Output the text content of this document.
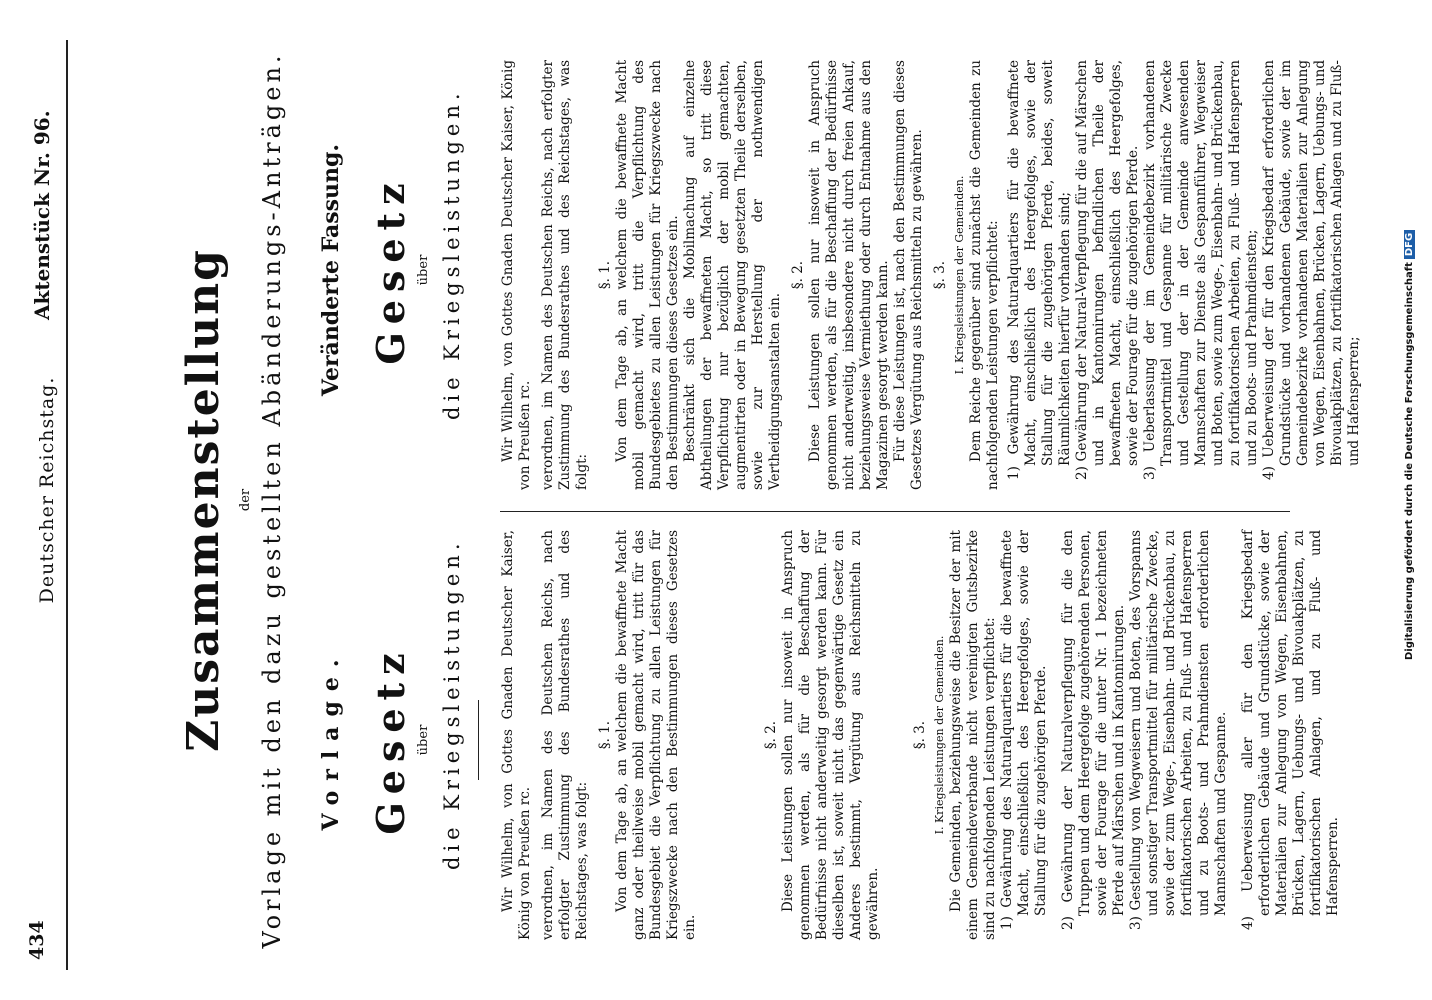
434
Deutscher Reichstag.
Aktenstück Nr. 96.
Zusammenstellung der Vorlage mit den dazu gestellten Abänderungs-Anträgen. Vorlage. Gesetz über die Kriegsleistungen.
Veränderte Fassung. Gesetz über die Kriegsleistungen.

Wir Wilhelm, von Gottes Gnaden Deutscher Kaiser, König von Preußen rc. verordnen, im Namen des Deutschen Reichs, nach erfolgter Zustimmung des Bundesrathes und des Reichstages, was folgt:

§. 1. Von dem Tage ab, an welchem die bewaffnete Macht ganz oder theilweise mobil gemacht wird, tritt für das Bundesgebiet die Verpflichtung zu allen Leistungen für Kriegszwecke nach den Bestimmungen dieses Gesetzes ein.

§. 2. Diese Leistungen sollen nur insoweit in Anspruch genommen werden, als für die Beschaffung der Bedürfnisse nicht anderweitig gesorgt werden kann. Für dieselben ist, soweit nicht das gegenwärtige Gesetz ein Anderes bestimmt, Vergütung aus Reichsmitteln zu gewähren.

§. 3. I. Kriegsleistungen der Gemeinden. Die Gemeinden, beziehungsweise die Besitzer der mit einem Gemeindeverbande nicht vereinigten Gutsbezirke sind zu nachfolgenden Leistungen verpflichtet: 1) Gewährung des Naturalquartiers für die bewaffnete Macht, einschließlich des Heergefolges, sowie der Stallung für die zugehörigen Pferde. 2) Gewährung der Naturalverpflegung für die den Truppen und dem Heergefolge zugehörenden Personen, sowie der Fourage für die unter Nr. 1 bezeichneten Pferde auf Märschen und in Kantonnirungen. 3) Gestellung von Wegweisern und Boten, des Vorspanns und sonstiger Transportmittel für militärische Zwecke, sowie der zum Wege-, Eisenbahn- und Brückenbau, zu fortifikatorischen Arbeiten, zu Fluß- und Hafensperren und zu Boots- und Prahmdiensten erforderlichen Mannschaften und Gespanne. 4) Ueberweisung aller für den Kriegsbedarf erforderlichen Gebäude und Grundstücke, sowie der Materialien zur Anlegung von Wegen, Eisenbahnen, Brücken, Lagern, Uebungs- und Bivouakplätzen, zu fortifikatorischen Anlagen, und zu Fluß- und Hafensperren.

Wir Wilhelm, von Gottes Gnaden Deutscher Kaiser, König von Preußen rc. verordnen, im Namen des Deutschen Reichs, nach erfolgter Zustimmung des Bundesrathes und des Reichstages, was folgt:

§. 1. Von dem Tage ab, an welchem die bewaffnete Macht mobil gemacht wird, tritt die Verpflichtung des Bundesgebietes zu allen Leistungen für Kriegszwecke nach den Bestimmungen dieses Gesetzes ein. Beschränkt sich die Mobilmachung auf einzelne Abtheilungen der bewaffneten Macht, so tritt diese Verpflichtung nur bezüglich der mobil gemachten, augmentirten oder in Bewegung gesetzten Theile derselben, sowie zur Herstellung der nothwendigen Vertheidigungsanstalten ein.

§. 2. Diese Leistungen sollen nur insoweit in Anspruch genommen werden, als für die Beschaffung der Bedürfnisse nicht anderweitig, insbesondere nicht durch freien Ankauf, beziehungsweise Vermiethung oder durch Entnahme aus den Magazinen gesorgt werden kann. Für diese Leistungen ist, nach den Bestimmungen dieses Gesetzes Vergütung aus Reichsmitteln zu gewähren. §. 3. I. Kriegsleistungen der Gemeinden. Dem Reiche gegenüber sind zunächst die Gemeinden zu nachfolgenden Leistungen verpflichtet: 1) Gewährung des Naturalquartiers für die bewaffnete Macht, einschließlich des Heergefolges, sowie der Stallung für die zugehörigen Pferde, beides, soweit Räumlichkeiten hierfür vorhanden sind; 2) Gewährung der Natural-Verpflegung für die auf Märschen und in Kantonnirungen befindlichen Theile der bewaffneten Macht, einschließlich des Heergefolges, sowie der Fourage für die zugehörigen Pferde. 3) Ueberlassung der im Gemeindebezirk vorhandenen Transportmittel und Gespanne für militärische Zwecke und Gestellung der in der Gemeinde anwesenden Mannschaften zur Dienste als Gespannführer, Wegweiser und Boten, sowie zum Wege-, Eisenbahn- und Brückenbau, zu fortifikatorischen Arbeiten, zu Fluß- und Hafensperren und zu Boots- und Prahmdiensten; 4) Ueberweisung der für den Kriegsbedarf erforderlichen Grundstücke und vorhandenen Gebäude, sowie der im Gemeindebezirke vorhandenen Materialien zur Anlegung von Wegen, Eisenbahnen, Brücken, Lagern, Uebungs- und Bivouakplätzen, zu fortifikatorischen Anlagen und zu Fluß- und Hafensperren;	Digitalisierung gefördert durch die Deutsche ForschungsgemeinschaftDFG
